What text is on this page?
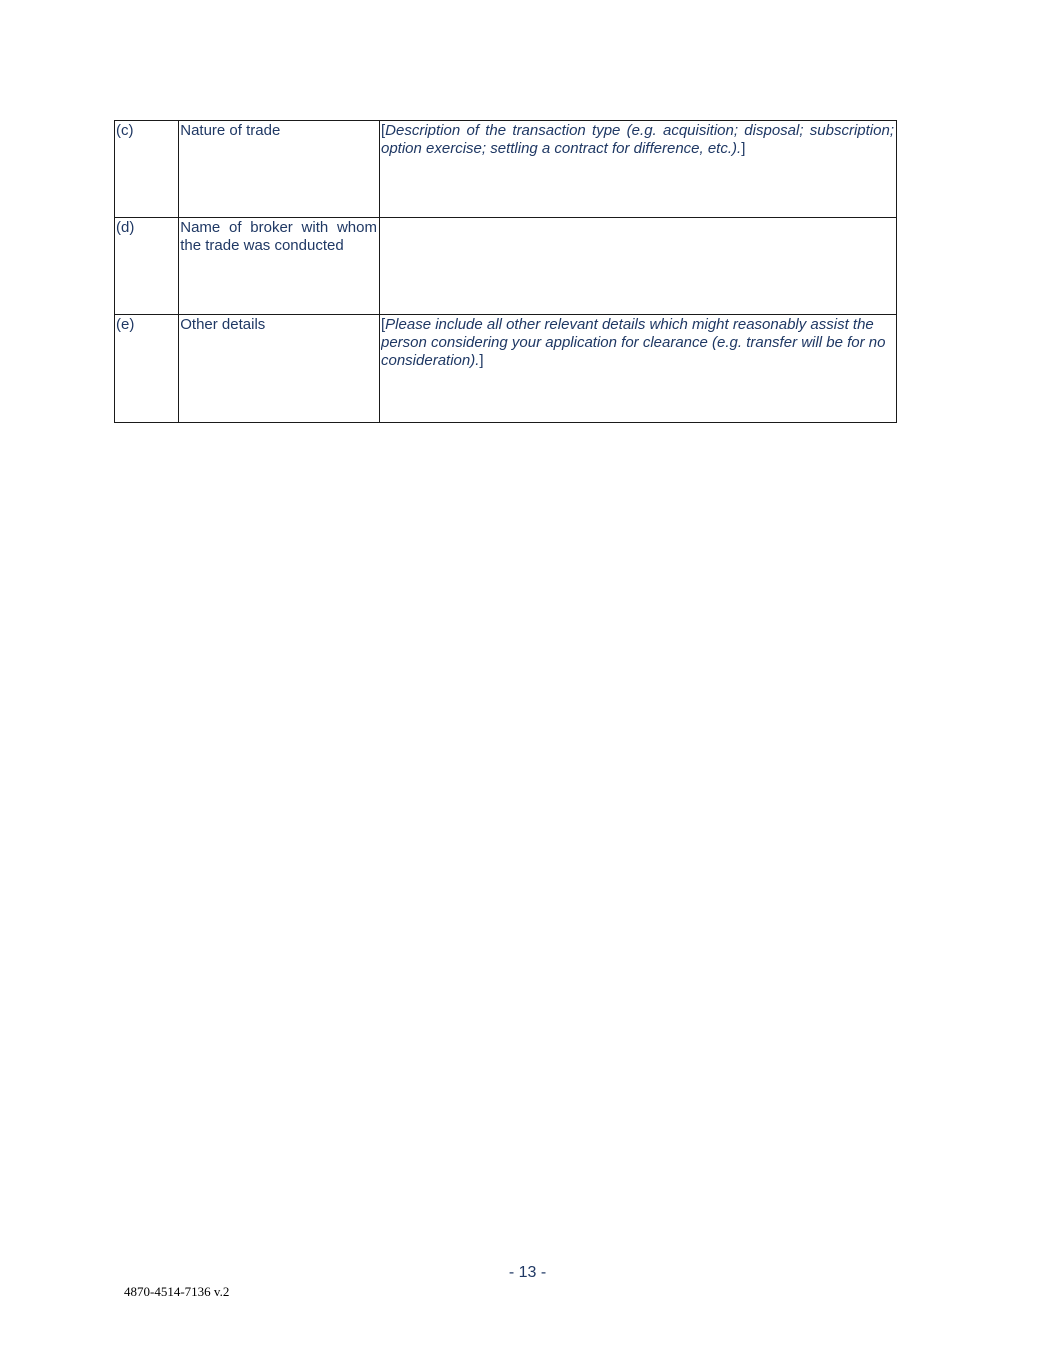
(c)	Nature of trade	[Description of the transaction type (e.g. acquisition; disposal; subscription; option exercise; settling a contract for difference, etc.).]
(d)	Name of broker with whom the trade was conducted	
(e)	Other details	[Please include all other relevant details which might reasonably assist the
person considering your application for clearance (e.g. transfer will be for no
consideration).]
- 13 -
4870-4514-7136 v.2
